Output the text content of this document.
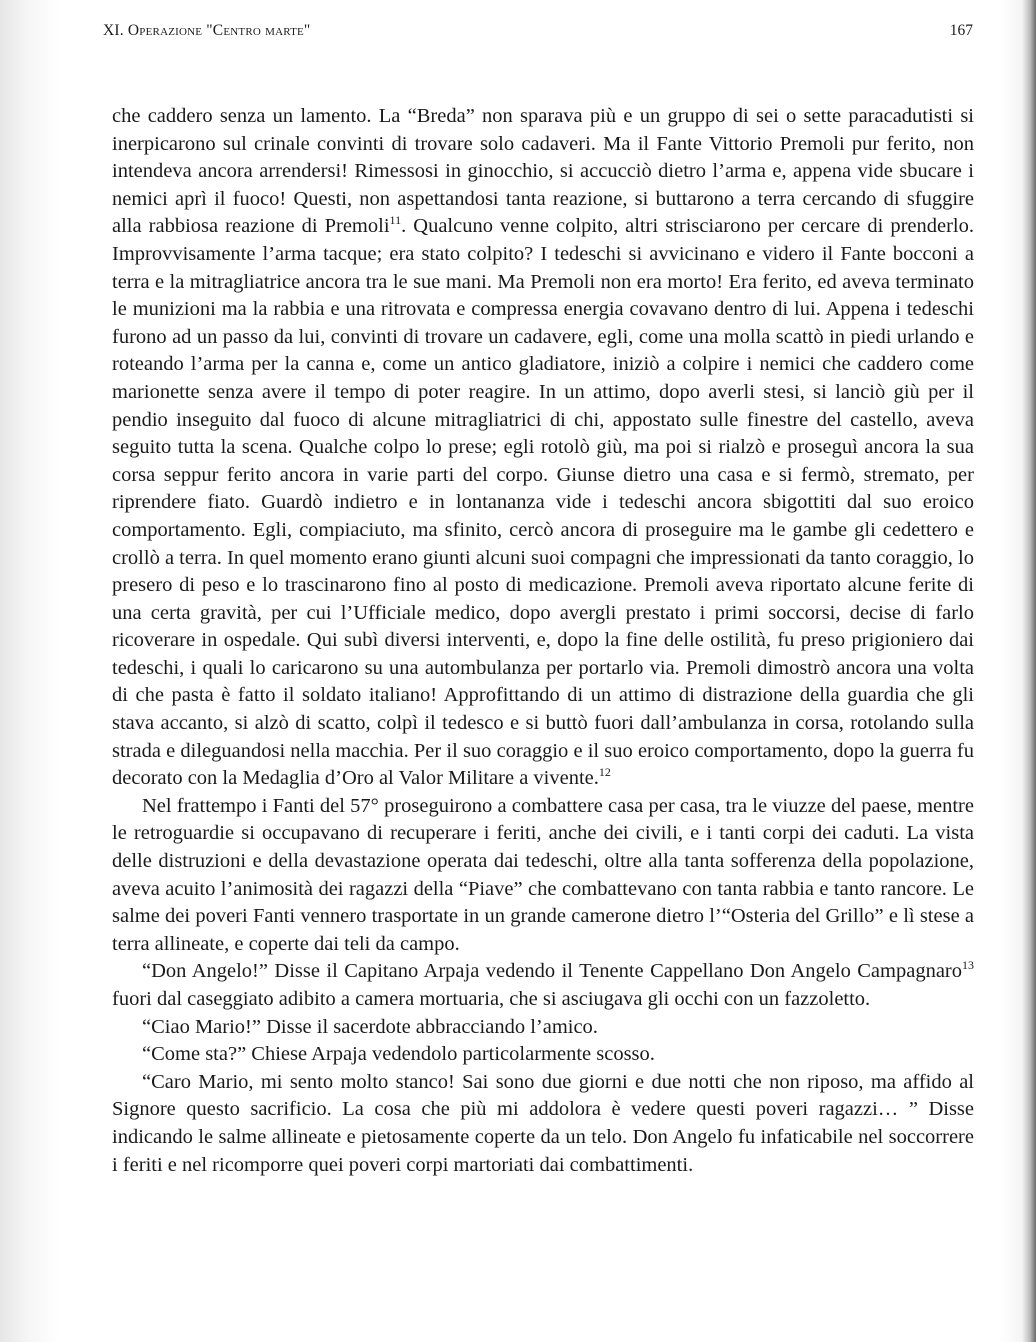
XI. Operazione "Centro marte"	167

che caddero senza un lamento. La “Breda” non sparava più e un gruppo di sei o sette paracadutisti si inerpicarono sul crinale convinti di trovare solo cadaveri. Ma il Fante Vittorio Premoli pur ferito, non intendeva ancora arrendersi! Rimessosi in ginocchio, si accucciò dietro l’arma e, appena vide sbucare i nemici aprì il fuoco! Questi, non aspettandosi tanta reazione, si buttarono a terra cercando di sfuggire alla rabbiosa reazione di Premoli$^{11}$. Qualcuno venne colpito, altri strisciarono per cercare di prenderlo. Improvvisamente l’arma tacque; era stato colpito? I tedeschi si avvicinano e videro il Fante bocconi a terra e la mitragliatrice ancora tra le sue mani. Ma Premoli non era morto! Era ferito, ed aveva terminato le munizioni ma la rabbia e una ritrovata e compressa energia covavano dentro di lui. Appena i tedeschi furono ad un passo da lui, convinti di trovare un cadavere, egli, come una molla scattò in piedi urlando e roteando l’arma per la canna e, come un antico gladiatore, iniziò a colpire i nemici che caddero come marionette senza avere il tempo di poter reagire. In un attimo, dopo averli stesi, si lanciò giù per il pendio inseguito dal fuoco di alcune mitragliatrici di chi, appostato sulle finestre del castello, aveva seguito tutta la scena. Qualche colpo lo prese; egli rotolò giù, ma poi si rialzò e proseguì ancora la sua corsa seppur ferito ancora in varie parti del corpo. Giunse dietro una casa e si fermò, stremato, per riprendere fiato. Guardò indietro e in lontananza vide i tedeschi ancora sbigottiti dal suo eroico comportamento. Egli, compiaciuto, ma sfinito, cercò ancora di proseguire ma le gambe gli cedettero e crollò a terra. In quel momento erano giunti alcuni suoi compagni che impressionati da tanto coraggio, lo presero di peso e lo trascinarono fino al posto di medicazione. Premoli aveva riportato alcune ferite di una certa gravità, per cui l’Ufficiale medico, dopo avergli prestato i primi soccorsi, decise di farlo ricoverare in ospedale. Qui subì diversi interventi, e, dopo la fine delle ostilità, fu preso prigioniero dai tedeschi, i quali lo caricarono su una autombulanza per portarlo via. Premoli dimostrò ancora una volta di che pasta è fatto il soldato italiano! Approfittando di un attimo di distrazione della guardia che gli stava accanto, si alzò di scatto, colpì il tedesco e si buttò fuori dall’ambulanza in corsa, rotolando sulla strada e dileguandosi nella macchia. Per il suo coraggio e il suo eroico comportamento, dopo la guerra fu decorato con la Medaglia d’Oro al Valor Militare a vivente.$^{12}$

Nel frattempo i Fanti del 57° proseguirono a combattere casa per casa, tra le viuzze del paese, mentre le retroguardie si occupavano di recuperare i feriti, anche dei civili, e i tanti corpi dei caduti. La vista delle distruzioni e della devastazione operata dai tedeschi, oltre alla tanta sofferenza della popolazione, aveva acuito l’animosità dei ragazzi della “Piave” che combattevano con tanta rabbia e tanto rancore. Le salme dei poveri Fanti vennero trasportate in un grande camerone dietro l’“Osteria del Grillo” e lì stese a terra allineate, e coperte dai teli da campo.

“Don Angelo!” Disse il Capitano Arpaja vedendo il Tenente Cappellano Don Angelo Campagnaro$^{13}$ fuori dal caseggiato adibito a camera mortuaria, che si asciugava gli occhi con un fazzoletto.

“Ciao Mario!” Disse il sacerdote abbracciando l’amico.

“Come sta?” Chiese Arpaja vedendolo particolarmente scosso.

“Caro Mario, mi sento molto stanco! Sai sono due giorni e due notti che non riposo, ma affido al Signore questo sacrificio. La cosa che più mi addolora è vedere questi poveri ragazzi… ” Disse indicando le salme allineate e pietosamente coperte da un telo. Don Angelo fu infaticabile nel soccorrere i feriti e nel ricomporre quei poveri corpi martoriati dai combattimenti.
